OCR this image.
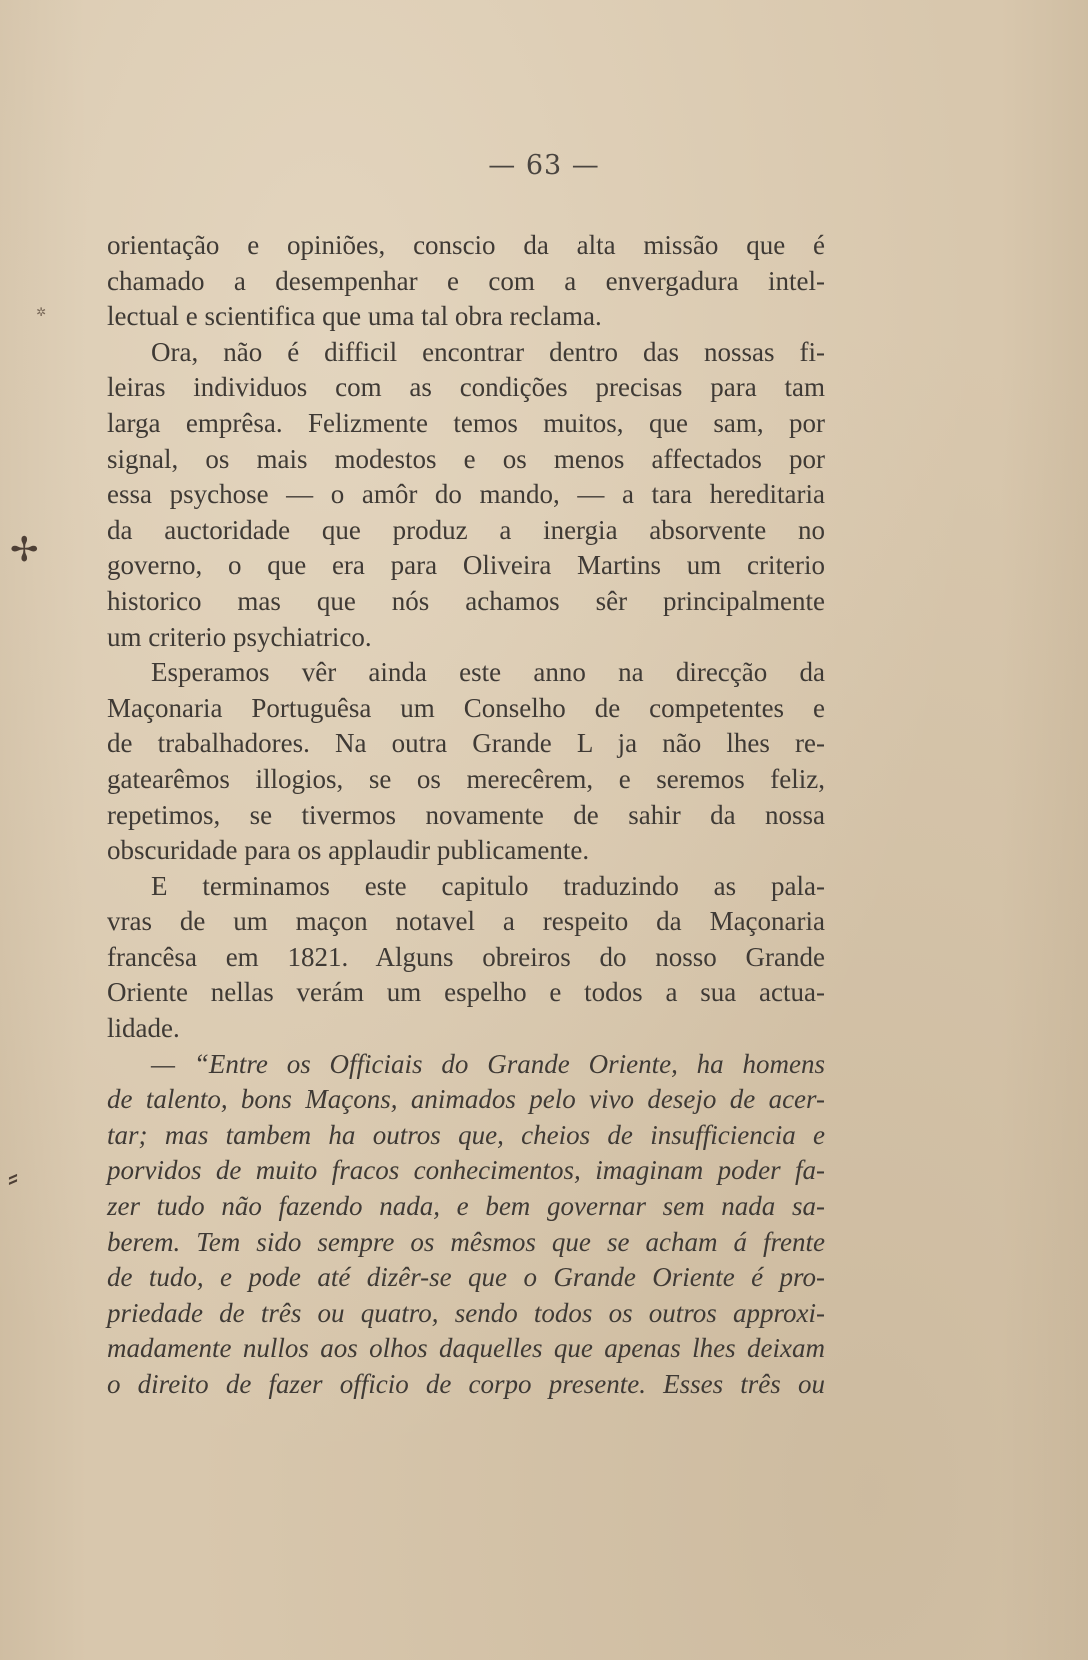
— 63 —
✲
✢
⸗
orientação e opiniões, conscio da alta missão que é
chamado a desempenhar e com a envergadura intel-
lectual e scientifica que uma tal obra reclama.
Ora, não é difficil encontrar dentro das nossas fi-
leiras individuos com as condições precisas para tam
larga emprêsa. Felizmente temos muitos, que sam, por
signal, os mais modestos e os menos affectados por
essa psychose — o amôr do mando, — a tara hereditaria
da auctoridade que produz a inergia absorvente no
governo, o que era para Oliveira Martins um criterio
historico mas que nós achamos sêr principalmente
um criterio psychiatrico.
Esperamos vêr ainda este anno na direcção da
Maçonaria Portuguêsa um Conselho de competentes e
de trabalhadores. Na outra Grande L ja não lhes re-
gatearêmos illogios, se os merecêrem, e seremos feliz,
repetimos, se tivermos novamente de sahir da nossa
obscuridade para os applaudir publicamente.
E terminamos este capitulo traduzindo as pala-
vras de um maçon notavel a respeito da Maçonaria
francêsa em 1821. Alguns obreiros do nosso Grande
Oriente nellas verám um espelho e todos a sua actua-
lidade.
— “Entre os Officiais do Grande Oriente, ha homens
de talento, bons Maçons, animados pelo vivo desejo de acer-
tar; mas tambem ha outros que, cheios de insufficiencia e
porvidos de muito fracos conhecimentos, imaginam poder fa-
zer tudo não fazendo nada, e bem governar sem nada sa-
berem. Tem sido sempre os mêsmos que se acham á frente
de tudo, e pode até dizêr-se que o Grande Oriente é pro-
priedade de três ou quatro, sendo todos os outros approxi-
madamente nullos aos olhos daquelles que apenas lhes deixam
o direito de fazer officio de corpo presente. Esses três ou
